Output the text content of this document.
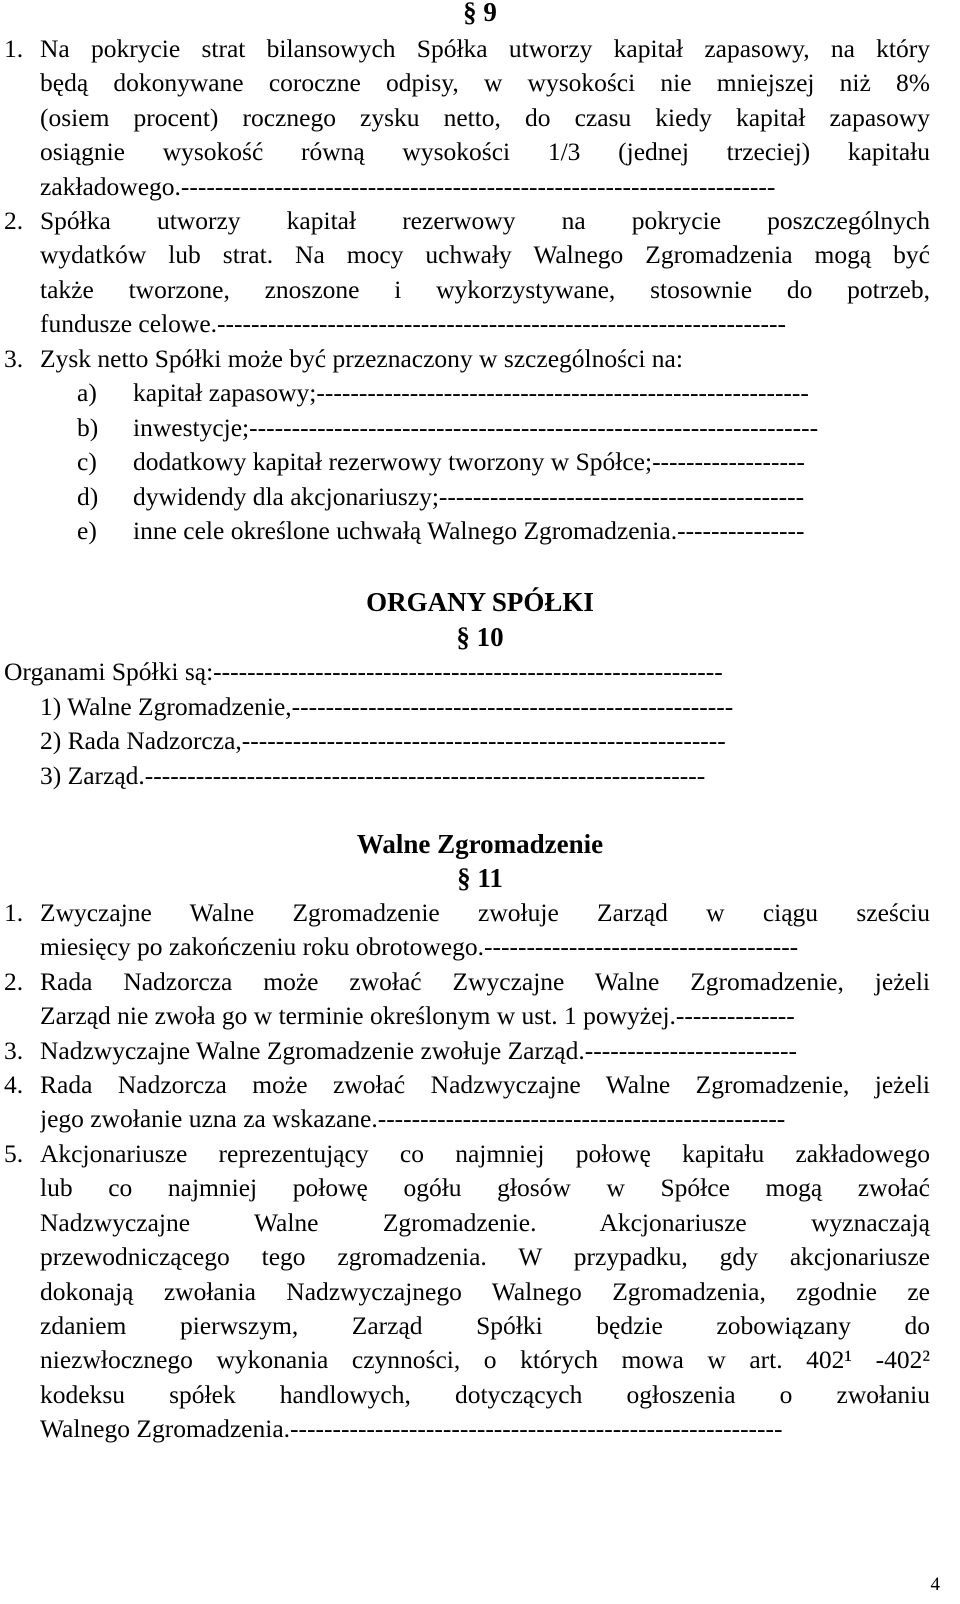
§ 9
1. Na pokrycie strat bilansowych Spółka utworzy kapitał zapasowy, na który
będą dokonywane coroczne odpisy, w wysokości nie mniejszej niż 8%
(osiem procent) rocznego zysku netto, do czasu kiedy kapitał zapasowy
osiągnie wysokość równą wysokości 1/3 (jednej trzeciej) kapitału
zakładowego.----------------------------------------------------------------------
2. Spółka utworzy kapitał rezerwowy na pokrycie poszczególnych
wydatków lub strat. Na mocy uchwały Walnego Zgromadzenia mogą być
także tworzone, znoszone i wykorzystywane, stosownie do potrzeb,
fundusze celowe.-------------------------------------------------------------------
3. Zysk netto Spółki może być przeznaczony w szczególności na:
a) kapitał zapasowy;----------------------------------------------------------
b) inwestycje;-------------------------------------------------------------------
c) dodatkowy kapitał rezerwowy tworzony w Spółce;------------------
d) dywidendy dla akcjonariuszy;-------------------------------------------
e) inne cele określone uchwałą Walnego Zgromadzenia.---------------
ORGANY SPÓŁKI
§ 10
Organami Spółki są:------------------------------------------------------------
1) Walne Zgromadzenie,----------------------------------------------------
2) Rada Nadzorcza,---------------------------------------------------------
3) Zarząd.------------------------------------------------------------------
Walne Zgromadzenie
§ 11
1. Zwyczajne Walne Zgromadzenie zwołuje Zarząd w ciągu sześciu
miesięcy po zakończeniu roku obrotowego.-------------------------------------
2. Rada Nadzorcza może zwołać Zwyczajne Walne Zgromadzenie, jeżeli
Zarząd nie zwoła go w terminie określonym w ust. 1 powyżej.--------------
3. Nadzwyczajne Walne Zgromadzenie zwołuje Zarząd.-------------------------
4. Rada Nadzorcza może zwołać Nadzwyczajne Walne Zgromadzenie, jeżeli
jego zwołanie uzna za wskazane.------------------------------------------------
5. Akcjonariusze reprezentujący co najmniej połowę kapitału zakładowego
lub co najmniej połowę ogółu głosów w Spółce mogą zwołać
Nadzwyczajne Walne Zgromadzenie. Akcjonariusze wyznaczają
przewodniczącego tego zgromadzenia. W przypadku, gdy akcjonariusze
dokonają zwołania Nadzwyczajnego Walnego Zgromadzenia, zgodnie ze
zdaniem pierwszym, Zarząd Spółki będzie zobowiązany do
niezwłocznego wykonania czynności, o których mowa w art. 402¹ -402²
kodeksu spółek handlowych, dotyczących ogłoszenia o zwołaniu
Walnego Zgromadzenia.----------------------------------------------------------
4
